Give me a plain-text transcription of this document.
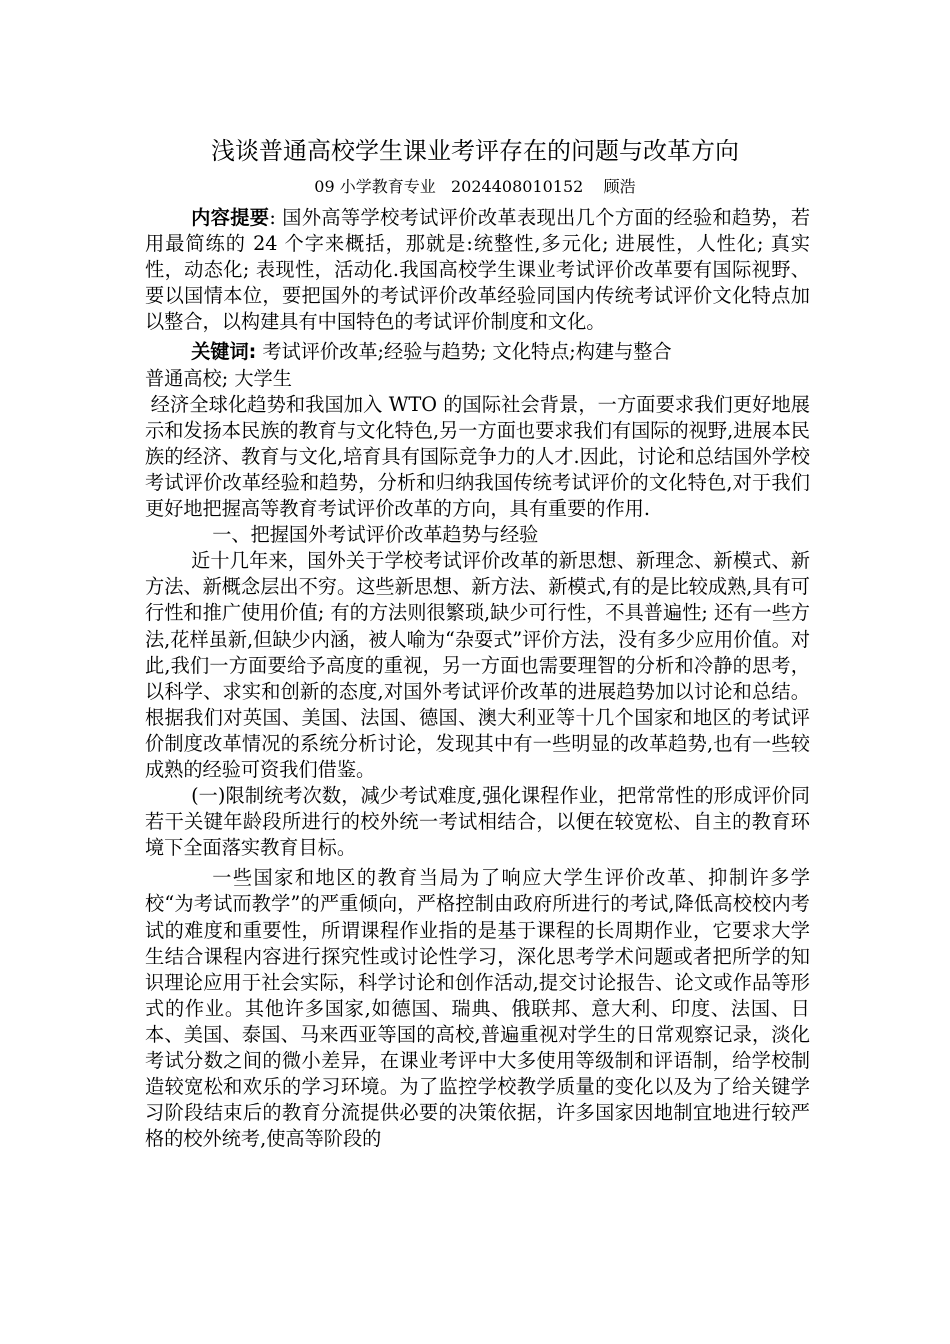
浅谈普通高校学生课业考评存在的问题与改革方向

09 小学教育专业   2024408010152    顾浩

内容提要: 国外高等学校考试评价改革表现出几个方面的经验和趋势，若用最简练的 24 个字来概括，那就是:统整性,多元化; 进展性，人性化; 真实性，动态化; 表现性，活动化.我国高校学生课业考试评价改革要有国际视野、要以国情本位，要把国外的考试评价改革经验同国内传统考试评价文化特点加以整合，以构建具有中国特色的考试评价制度和文化。

关键词: 考试评价改革;经验与趋势; 文化特点;构建与整合

普通高校; 大学生

经济全球化趋势和我国加入 WTO 的国际社会背景，一方面要求我们更好地展示和发扬本民族的教育与文化特色,另一方面也要求我们有国际的视野,进展本民族的经济、教育与文化,培育具有国际竞争力的人才.因此，讨论和总结国外学校考试评价改革经验和趋势，分析和归纳我国传统考试评价的文化特色,对于我们更好地把握高等教育考试评价改革的方向，具有重要的作用.

一、把握国外考试评价改革趋势与经验

近十几年来，国外关于学校考试评价改革的新思想、新理念、新模式、新方法、新概念层出不穷。这些新思想、新方法、新模式,有的是比较成熟,具有可行性和推广使用价值; 有的方法则很繁琐,缺少可行性，不具普遍性; 还有一些方法,花样虽新,但缺少内涵，被人喻为“杂耍式”评价方法，没有多少应用价值。对此,我们一方面要给予高度的重视，另一方面也需要理智的分析和冷静的思考，以科学、求实和创新的态度,对国外考试评价改革的进展趋势加以讨论和总结。根据我们对英国、美国、法国、德国、澳大利亚等十几个国家和地区的考试评价制度改革情况的系统分析讨论，发现其中有一些明显的改革趋势,也有一些较成熟的经验可资我们借鉴。

(一)限制统考次数，减少考试难度,强化课程作业，把常常性的形成评价同若干关键年龄段所进行的校外统一考试相结合，以便在较宽松、自主的教育环境下全面落实教育目标。

一些国家和地区的教育当局为了响应大学生评价改革、抑制许多学校“为考试而教学”的严重倾向，严格控制由政府所进行的考试,降低高校校内考试的难度和重要性，所谓课程作业指的是基于课程的长周期作业，它要求大学生结合课程内容进行探究性或讨论性学习，深化思考学术问题或者把所学的知识理论应用于社会实际，科学讨论和创作活动,提交讨论报告、论文或作品等形式的作业。其他许多国家,如德国、瑞典、俄联邦、意大利、印度、法国、日本、美国、泰国、马来西亚等国的高校,普遍重视对学生的日常观察记录，淡化考试分数之间的微小差异，在课业考评中大多使用等级制和评语制，给学校制造较宽松和欢乐的学习环境。为了监控学校教学质量的变化以及为了给关键学习阶段结束后的教育分流提供必要的决策依据，许多国家因地制宜地进行较严格的校外统考,使高等阶段的
